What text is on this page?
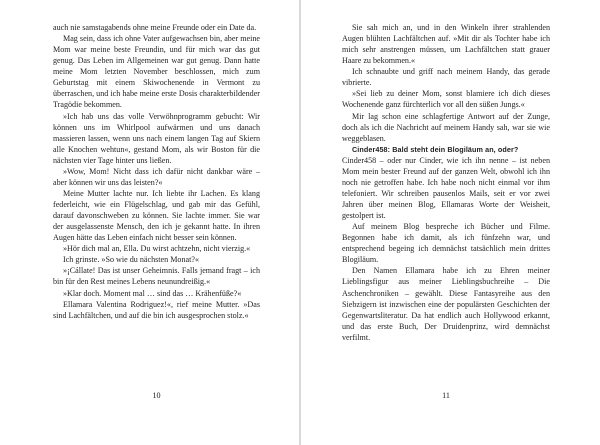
auch nie samstagabends ohne meine Freunde oder ein Date da.

Mag sein, dass ich ohne Vater aufgewachsen bin, aber meine Mom war meine beste Freundin, und für mich war das gut genug. Das Leben im Allgemeinen war gut genug. Dann hatte meine Mom letzten November beschlossen, mich zum Geburtstag mit einem Skiwochenende in Vermont zu überraschen, und ich habe meine erste Dosis charakterbildender Tragödie bekommen.

»Ich hab uns das volle Verwöhnprogramm gebucht: Wir können uns im Whirlpool aufwärmen und uns danach massieren lassen, wenn uns nach einem langen Tag auf Skiern alle Knochen wehtun«, gestand Mom, als wir Boston für die nächsten vier Tage hinter uns ließen.

»Wow, Mom! Nicht dass ich dafür nicht dankbar wäre – aber können wir uns das leisten?«

Meine Mutter lachte nur. Ich liebte ihr Lachen. Es klang federleicht, wie ein Flügelschlag, und gab mir das Gefühl, darauf davonschweben zu können. Sie lachte immer. Sie war der ausgelassenste Mensch, den ich je gekannt hatte. In ihren Augen hätte das Leben einfach nicht besser sein können.

»Hör dich mal an, Ella. Du wirst achtzehn, nicht vierzig.«

Ich grinste. »So wie du nächsten Monat?«

»¡Cállate! Das ist unser Geheimnis. Falls jemand fragt – ich bin für den Rest meines Lebens neunundreißig.«

»Klar doch. Moment mal … sind das … Krähenfüße?«

Ellamara Valentina Rodriguez!«, rief meine Mutter. »Das sind Lachfältchen, und auf die bin ich ausgesprochen stolz.«

10

Sie sah mich an, und in den Winkeln ihrer strahlenden Augen blühten Lachfältchen auf. »Mit dir als Tochter habe ich mich sehr anstrengen müssen, um Lachfältchen statt grauer Haare zu bekommen.«

Ich schnaubte und griff nach meinem Handy, das gerade vibrierte.

»Sei lieb zu deiner Mom, sonst blamiere ich dich dieses Wochenende ganz fürchterlich vor all den süßen Jungs.«

Mir lag schon eine schlagfertige Antwort auf der Zunge, doch als ich die Nachricht auf meinem Handy sah, war sie wie weggeblasen.

Cinder458: Bald steht dein Blogiläum an, oder?

Cinder458 – oder nur Cinder, wie ich ihn nenne – ist neben Mom mein bester Freund auf der ganzen Welt, obwohl ich ihn noch nie getroffen habe. Ich habe noch nicht einmal vor ihm telefoniert. Wir schreiben pausenlos Mails, seit er vor zwei Jahren über meinen Blog, Ellamaras Worte der Weisheit, gestolpert ist.

Auf meinem Blog bespreche ich Bücher und Filme. Begonnen habe ich damit, als ich fünfzehn war, und entsprechend begeing ich demnächst tatsächlich mein drittes Blogiläum.

Den Namen Ellamara habe ich zu Ehren meiner Lieblingsfigur aus meiner Lieblingsbuchreihe – Die Aschenchroniken – gewählt. Diese Fantasyreihe aus den Siebzigern ist inzwischen eine der populärsten Geschichten der Gegenwartsliteratur. Da hat endlich auch Hollywood erkannt, und das erste Buch, Der Druidenprinz, wird demnächst verfilmt.

11
